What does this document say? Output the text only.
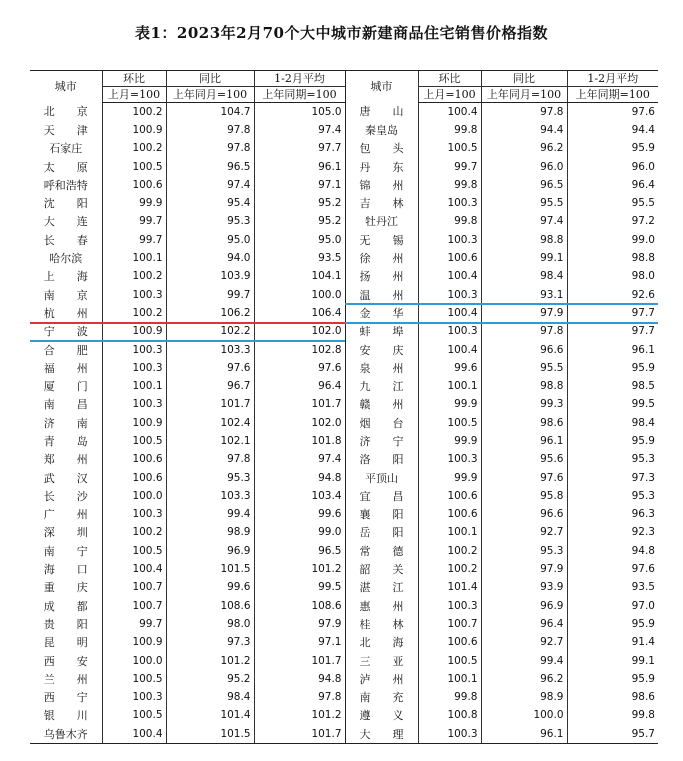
表1：2023年2月70个大中城市新建商品住宅销售价格指数
城市	环比	同比	1-2月平均	城市	环比	同比	1-2月平均
	上月=100	上年同月=100	上年同期=100		上月=100	上年同月=100	上年同期=100
北　　京	100.2	104.7	105.0	唐　　山	100.4	97.8	97.6
天　　津	100.9	97.8	97.4	秦皇岛	99.8	94.4	94.4
石家庄	100.2	97.8	97.7	包　　头	100.5	96.2	95.9
太　　原	100.5	96.5	96.1	丹　　东	99.7	96.0	96.0
呼和浩特	100.6	97.4	97.1	锦　　州	99.8	96.5	96.4
沈　　阳	99.9	95.4	95.2	吉　　林	100.3	95.5	95.5
大　　连	99.7	95.3	95.2	牡丹江	99.8	97.4	97.2
长　　春	99.7	95.0	95.0	无　　锡	100.3	98.8	99.0
哈尔滨	100.1	94.0	93.5	徐　　州	100.6	99.1	98.8
上　　海	100.2	103.9	104.1	扬　　州	100.4	98.4	98.0
南　　京	100.3	99.7	100.0	温　　州	100.3	93.1	92.6
杭　　州	100.2	106.2	106.4	金　　华	100.4	97.9	97.7
宁　　波	100.9	102.2	102.0	蚌　　埠	100.3	97.8	97.7
合　　肥	100.3	103.3	102.8	安　　庆	100.4	96.6	96.1
福　　州	100.3	97.6	97.6	泉　　州	99.6	95.5	95.9
厦　　门	100.1	96.7	96.4	九　　江	100.1	98.8	98.5
南　　昌	100.3	101.7	101.7	赣　　州	99.9	99.3	99.5
济　　南	100.9	102.4	102.0	烟　　台	100.5	98.6	98.4
青　　岛	100.5	102.1	101.8	济　　宁	99.9	96.1	95.9
郑　　州	100.6	97.8	97.4	洛　　阳	100.3	95.6	95.3
武　　汉	100.6	95.3	94.8	平顶山	99.9	97.6	97.3
长　　沙	100.0	103.3	103.4	宜　　昌	100.6	95.8	95.3
广　　州	100.3	99.4	99.6	襄　　阳	100.6	96.6	96.3
深　　圳	100.2	98.9	99.0	岳　　阳	100.1	92.7	92.3
南　　宁	100.5	96.9	96.5	常　　德	100.2	95.3	94.8
海　　口	100.4	101.5	101.2	韶　　关	100.2	97.9	97.6
重　　庆	100.7	99.6	99.5	湛　　江	101.4	93.9	93.5
成　　都	100.7	108.6	108.6	惠　　州	100.3	96.9	97.0
贵　　阳	99.7	98.0	97.9	桂　　林	100.7	96.4	95.9
昆　　明	100.9	97.3	97.1	北　　海	100.6	92.7	91.4
西　　安	100.0	101.2	101.7	三　　亚	100.5	99.4	99.1
兰　　州	100.5	95.2	94.8	泸　　州	100.1	96.2	95.9
西　　宁	100.3	98.4	97.8	南　　充	99.8	98.9	98.6
银　　川	100.5	101.4	101.2	遵　　义	100.8	100.0	99.8
乌鲁木齐	100.4	101.5	101.7	大　　理	100.3	96.1	95.7
